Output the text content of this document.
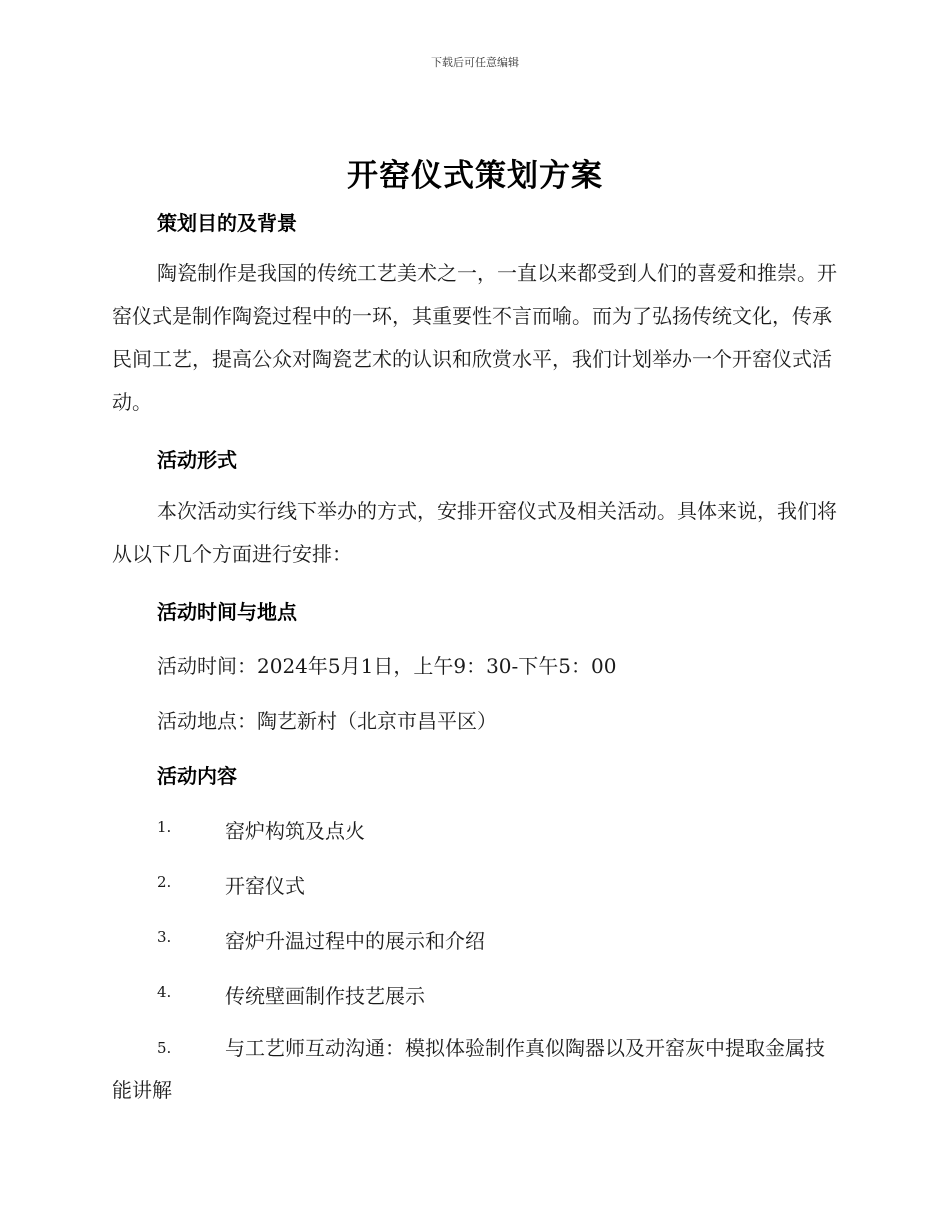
下载后可任意编辑
开窑仪式策划方案
策划目的及背景

陶瓷制作是我国的传统工艺美术之一，一直以来都受到人们的喜爱和推崇。开窑仪式是制作陶瓷过程中的一环，其重要性不言而喻。而为了弘扬传统文化，传承民间工艺，提高公众对陶瓷艺术的认识和欣赏水平，我们计划举办一个开窑仪式活动。

活动形式

本次活动实行线下举办的方式，安排开窑仪式及相关活动。具体来说，我们将从以下几个方面进行安排：

活动时间与地点
活动时间：2024年5月1日，上午9：30-下午5：00
活动地点：陶艺新村（北京市昌平区）
活动内容
1.	窑炉构筑及点火
2.	开窑仪式
3.	窑炉升温过程中的展示和介绍
4.	传统壁画制作技艺展示
5.	与工艺师互动沟通：模拟体验制作真似陶器以及开窑灰中提取金属技能讲解
